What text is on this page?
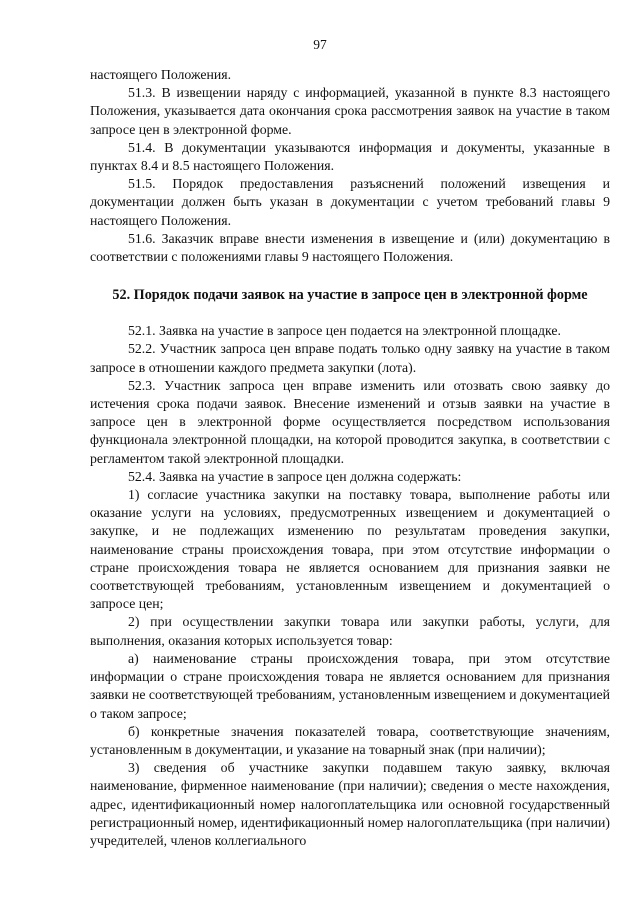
97

настоящего Положения.

51.3. В извещении наряду с информацией, указанной в пункте 8.3 настоящего Положения, указывается дата окончания срока рассмотрения заявок на участие в таком запросе цен в электронной форме.

51.4. В документации указываются информация и документы, указанные в пунктах 8.4 и 8.5 настоящего Положения.

51.5. Порядок предоставления разъяснений положений извещения и документации должен быть указан в документации с учетом требований главы 9 настоящего Положения.

51.6. Заказчик вправе внести изменения в извещение и (или) документацию в соответствии с положениями главы 9 настоящего Положения.

52. Порядок подачи заявок на участие в запросе цен в электронной форме

52.1. Заявка на участие в запросе цен подается на электронной площадке.

52.2. Участник запроса цен вправе подать только одну заявку на участие в таком запросе в отношении каждого предмета закупки (лота).

52.3. Участник запроса цен вправе изменить или отозвать свою заявку до истечения срока подачи заявок. Внесение изменений и отзыв заявки на участие в запросе цен в электронной форме осуществляется посредством использования функционала электронной площадки, на которой проводится закупка, в соответствии с регламентом такой электронной площадки.

52.4. Заявка на участие в запросе цен должна содержать:

1) согласие участника закупки на поставку товара, выполнение работы или оказание услуги на условиях, предусмотренных извещением и документацией о закупке, и не подлежащих изменению по результатам проведения закупки, наименование страны происхождения товара, при этом отсутствие информации о стране происхождения товара не является основанием для признания заявки не соответствующей требованиям, установленным извещением и документацией о запросе цен;

2) при осуществлении закупки товара или закупки работы, услуги, для выполнения, оказания которых используется товар:

а) наименование страны происхождения товара, при этом отсутствие информации о стране происхождения товара не является основанием для признания заявки не соответствующей требованиям, установленным извещением и документацией о таком запросе;

б) конкретные значения показателей товара, соответствующие значениям, установленным в документации, и указание на товарный знак (при наличии);

3) сведения об участнике закупки подавшем такую заявку, включая наименование, фирменное наименование (при наличии); сведения о месте нахождения, адрес, идентификационный номер налогоплательщика или основной государственный регистрационный номер, идентификационный номер налогоплательщика (при наличии) учредителей, членов коллегиального
